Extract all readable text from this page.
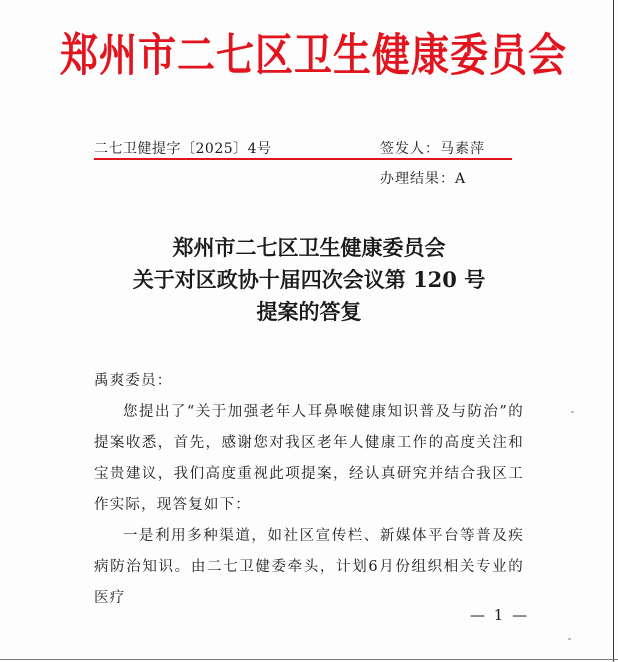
郑州市二七区卫生健康委员会
二七卫健提字〔2025〕4号	签发人：马素萍
办理结果：A
郑州市二七区卫生健康委员会
关于对区政协十届四次会议第 120 号
提案的答复

禹爽委员：

您提出了“关于加强老年人耳鼻喉健康知识普及与防治”的提案收悉，首先，感谢您对我区老年人健康工作的高度关注和宝贵建议，我们高度重视此项提案，经认真研究并结合我区工作实际，现答复如下：

一是利用多种渠道，如社区宣传栏、新媒体平台等普及疾病防治知识。由二七卫健委牵头，计划6月份组织相关专业的医疗

— 1 —
